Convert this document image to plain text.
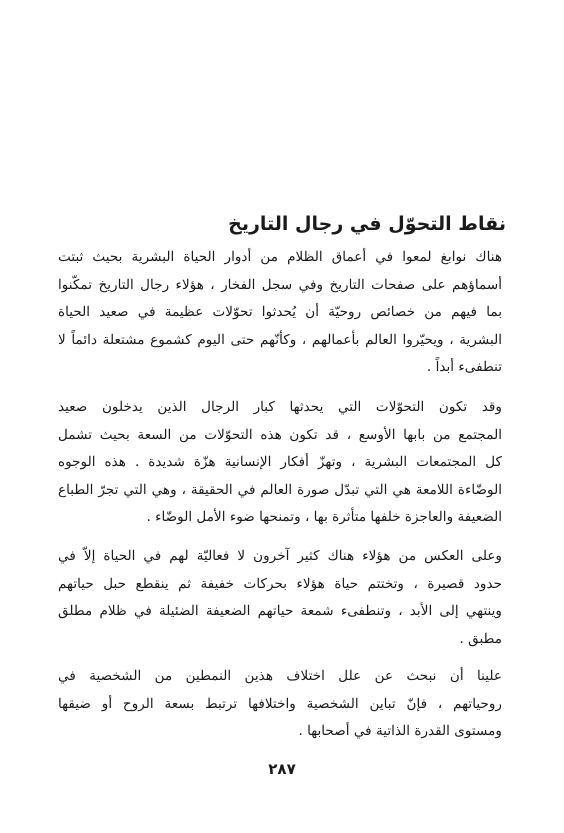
نقاط التحوّل في رجال التاريخ

هناك نوابغ لمعوا في أعماق الظلام من أدوار الحياة البشرية بحيث ثبتت
أسماؤهم على صفحات التاريخ وفي سجل الفخار ، هؤلاء رجال التاريخ تمكّنوا
بما فيهم من خصائص روحيّة أن يُحدثوا تحوّلات عظيمة في صعيد الحياة
البشرية ، ويحيّروا العالم بأعمالهم ، وكأنّهم حتى اليوم كشموع مشتعلة دائماً لا
تنطفىء أبداً .

وقد تكون التحوّلات التي يحدثها كبار الرجال الذين يدخلون صعيد
المجتمع من بابها الأوسع ، قد تكون هذه التحوّلات من السعة بحيث تشمل
كل المجتمعات البشرية ، وتهزّ أفكار الإنسانية هزّة شديدة . هذه الوجوه
الوضّاءة اللامعة هي التي تبدّل صورة العالم في الحقيقة ، وهي التي تجرّ الطباع
الضعيفة والعاجزة خلفها متأثرة بها ، وتمنحها ضوء الأمل الوضّاء .

وعلى العكس من هؤلاء هناك كثير آخرون لا فعاليّة لهم في الحياة إلاّ في
حدود قصيرة ، وتختتم حياة هؤلاء بحركات خفيفة ثم ينقطع حبل حياتهم
وينتهي إلى الأبد ، وتنطفىء شمعة حياتهم الضعيفة الضئيلة في ظلام مطلق
مطبق .

علينا أن نبحث عن علل اختلاف هذين النمطين من الشخصية في
روحياتهم ، فإنّ تباين الشخصية واختلافها ترتبط بسعة الروح أو ضيقها
ومستوى القدرة الذاتية في أصحابها .

٢٨٧
